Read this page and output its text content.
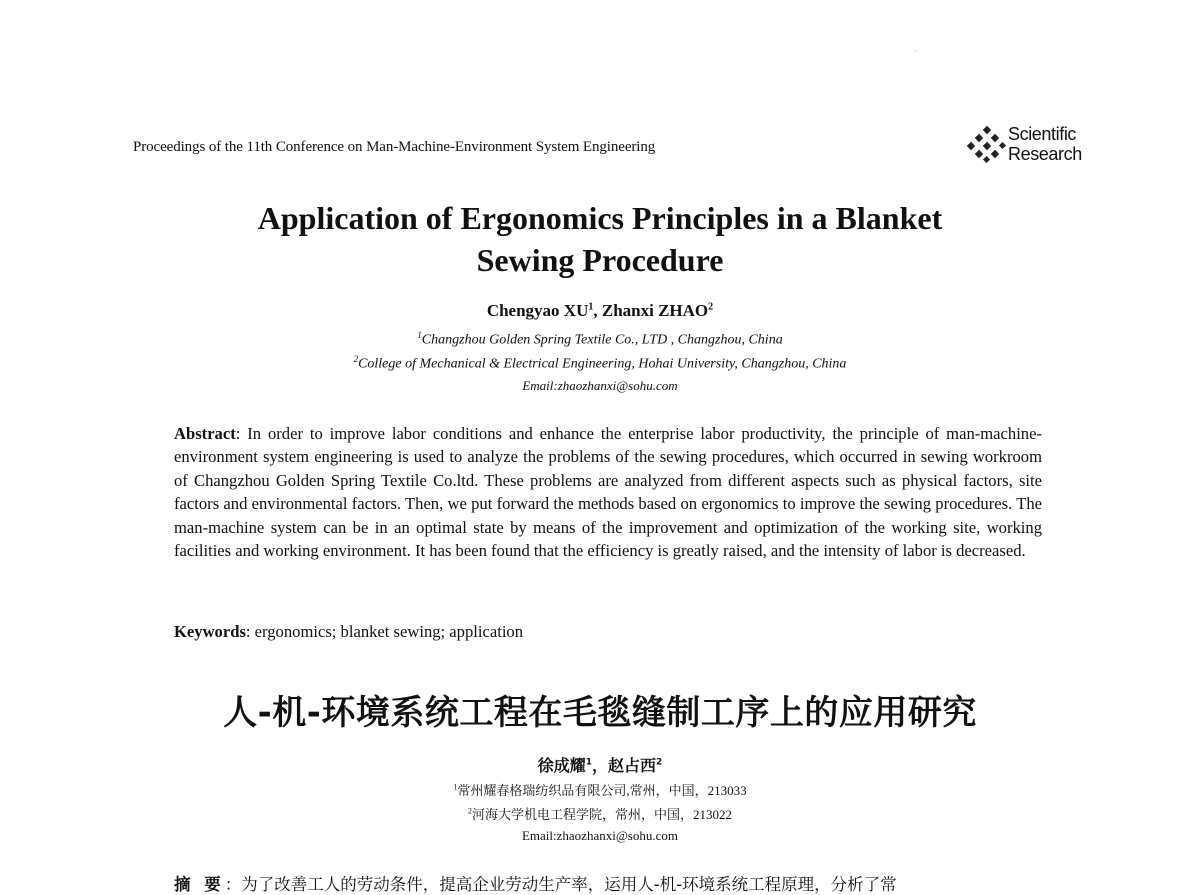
ˈ
Proceedings of the 11th Conference on Man-Machine-Environment System Engineering
Scientific
Research
Application of Ergonomics Principles in a Blanket
Sewing Procedure
Chengyao $XU^1$, Zhanxi ZHAO$^2$
$^1$Changzhou Golden Spring Textile Co., LTD , Changzhou, China
$^2$College of Mechanical & Electrical Engineering, Hohai University, Changzhou, China
Email:zhaozhanxi@sohu.com
Abstract: In order to improve labor conditions and enhance the enterprise labor productivity, the principle of man-machine-environment system engineering is used to analyze the problems of the sewing procedures, which occurred in sewing workroom of Changzhou Golden Spring Textile Co.ltd. These problems are analyzed from different aspects such as physical factors, site factors and environmental factors. Then, we put forward the methods based on ergonomics to improve the sewing procedures. The man-machine system can be in an optimal state by means of the improvement and optimization of the working site, working facilities and working environment. It has been found that the efficiency is greatly raised, and the intensity of labor is decreased.
Keywords: ergonomics; blanket sewing; application
人-机-环境系统工程在毛毯缝制工序上的应用研究
徐成耀$^1$，赵占西$^2$
$^1$常州耀春格瑞纺织品有限公司,常州，中国，213033
$^2$河海大学机电工程学院，常州，中国，213022
Email:zhaozhanxi@sohu.com
摘 要：为了改善工人的劳动条件，提高企业劳动生产率，运用人-机-环境系统工程原理，分析了常
